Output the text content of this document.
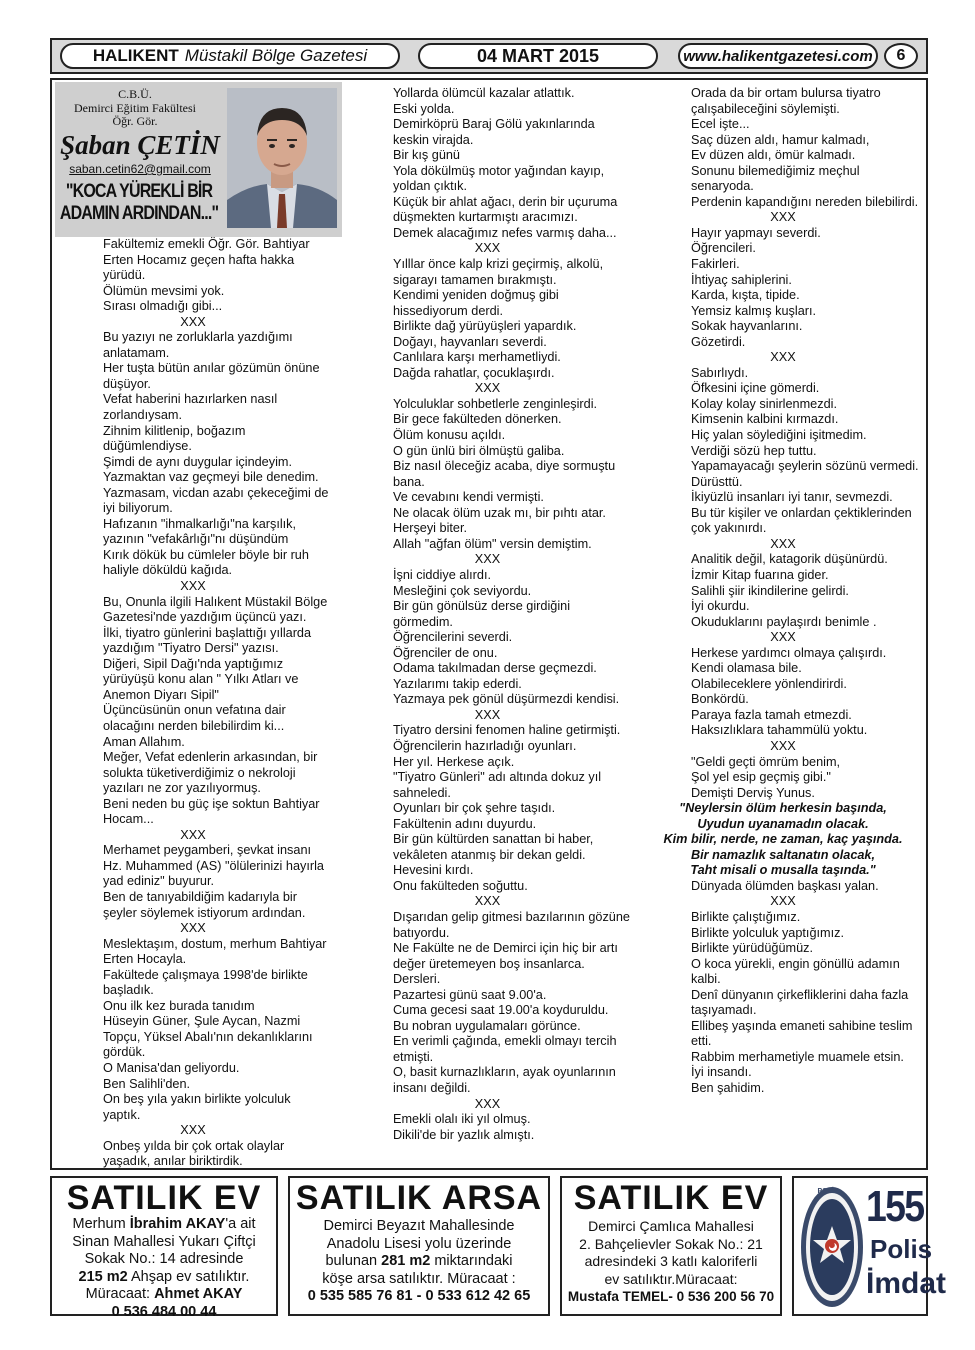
HALIKENT Müstakil Bölge Gazetesi	04 MART 2015	www.halikentgazetesi.com	6
C.B.Ü.
Demirci Eğitim Fakültesi
Öğr. Gör.
Şaban ÇETİN
saban.cetin62@gmail.com
"KOCA YÜREKLİ BİR
ADAMIN ARDINDAN..."

Fakültemiz emekli Öğr. Gör. Bahtiyar Erten Hocamız geçen hafta hakka yürüdü.

Ölümün mevsimi yok.

Sırası olmadığı gibi...

XXX

Bu yazıyı ne zorluklarla yazdığımı anlatamam.

Her tuşta bütün anılar gözümün önüne düşüyor.

Vefat haberini hazırlarken nasıl zorlandıysam.

Zihnim kilitlenip, boğazım düğümlendiyse.

Şimdi de aynı duygular içindeyim.

Yazmaktan vaz geçmeyi bile denedim.

Yazmasam, vicdan azabı çekeceğimi de iyi biliyorum.

Hafızanın "ihmalkarlığı"na karşılık, yazının "vefakârlığı"nı düşündüm

Kırık dökük bu cümleler böyle bir ruh haliyle döküldü kağıda.

XXX

Bu, Onunla ilgili Halıkent Müstakil Bölge Gazetesi'nde yazdığım üçüncü yazı.

İlki, tiyatro günlerini başlattığı yıllarda yazdığım "Tiyatro Dersi" yazısı.

Diğeri, Sipil Dağı'nda yaptığımız yürüyüşü konu alan " Yılkı Atları ve Anemon Diyarı Sipil"

Üçüncüsünün onun vefatına dair olacağını nerden bilebilirdim ki...

Aman Allahım.

Meğer, Vefat edenlerin arkasından, bir solukta tüketiverdiğimiz o nekroloji yazıları ne zor yazılıyormuş.

Beni neden bu güç işe soktun Bahtiyar Hocam...

XXX

Merhamet peygamberi, şevkat insanı Hz. Muhammed (AS) "ölülerinizi hayırla yad ediniz" buyurur.

Ben de tanıyabildiğim kadarıyla bir şeyler söylemek istiyorum ardından.

XXX

Meslektaşım, dostum, merhum Bahtiyar Erten Hocaylа.

Fakültede çalışmaya 1998'de birlikte başladık.

Onu ilk kez burada tanıdım

Hüseyin Güner, Şule Aycan, Nazmi Topçu, Yüksel Abalı'nın dekanlıklarını gördük.

O Manisa'dan geliyordu.

Ben Salihli'den.

On beş yıla yakın birlikte yolculuk yaptık.

XXX

Onbeş yılda bir çok ortak olaylar yaşadık, anılar biriktirdik.

Yollarda ölümcül kazalar atlattık.

Eski yolda.

Demirköprü Baraj Gölü yakınlarında keskin virajda.

Bir kış günü

Yola dökülmüş motor yağından kayıp, yoldan çıktık.

Küçük bir ahlat ağacı, derin bir uçuruma düşmekten kurtarmıştı aracımızı.

Demek alacağımız nefes varmış daha...

XXX

Yılllar önce kalp krizi geçirmiş, alkolü, sigarayı tamamen bırakmıştı.

Kendimi yeniden doğmuş gibi hissediyorum derdi.

Birlikte dağ yürüyüşleri yapardık.

Doğayı, hayvanları severdi.

Canlılara karşı merhametliydi.

Dağda rahatlar, çocuklaşırdı.

XXX

Yolculuklar sohbetlerle zenginleşirdi.

Bir gece fakülteden dönerken.

Ölüm konusu açıldı.

O gün ünlü biri ölmüştü galiba.

Biz nasıl öleceğiz acaba, diye sormuştu bana.

Ve cevabını kendi vermişti.

Ne olacak ölüm uzak mı, bir pıhtı atar.

Herşeyi biter.

Allah "ağfan ölüm" versin demiştim.

XXX

İşni ciddiye alırdı.

Mesleğini çok seviyordu.

Bir gün gönülsüz derse girdiğini görmedim.

Öğrencilerini severdi.

Öğrenciler de onu.

Odama takılmadan derse geçmezdi.

Yazılarımı takip ederdi.

Yazmaya pek gönül düşürmezdi kendisi.

XXX

Tiyatro dersini fenomen haline getirmişti.

Öğrencilerin hazırladığı oyunları.

Her yıl. Herkese açık.

"Tiyatro Günleri" adı altında dokuz yıl sahneledi.

Oyunları bir çok şehre taşıdı.

Fakültenin adını duyurdu.

Bir gün kültürden sanattan bi haber, vekâleten atanmış bir dekan geldi.

Hevesini kırdı.

Onu fakülteden soğuttu.

XXX

Dışarıdan gelip gitmesi bazılarının gözüne batıyordu.

Ne Fakülte ne de Demirci için hiç bir artı değer üretemeyen boş insanlarca.

Dersleri.

Pazartesi günü saat 9.00'a.

Cuma gecesi saat 19.00'a koyduruldu.

Bu nobran uygulamaları görünce.

En verimli çağında, emekli olmayı tercih etmişti.

O, basit kurnazlıkların, ayak oyunlarının insanı değildi.

XXX

Emekli olalı iki yıl olmuş.

Dikili'de bir yazlık almıştı.

Orada da bir ortam bulursa tiyatro çalışabileceğini söylemişti.

Ecel işte...

Saç düzen aldı, hamur kalmadı,

Ev düzen aldı, ömür kalmadı.

Sonunu bilemediğimiz meçhul senaryoda.

Perdenin kapandığını nereden bilebilirdi.

XXX

Hayır yapmayı severdi.

Öğrencileri.

Fakirleri.

İhtiyaç sahiplerini.

Karda, kışta, tipide.

Yemsiz kalmış kuşları.

Sokak hayvanlarını.

Gözetirdi.

XXX

Sabırlıydı.

Öfkesini içine gömerdi.

Kolay kolay sinirlenmezdi.

Kimsenin kalbini kırmazdı.

Hiç yalan söylediğini işitmedim.

Verdiği sözü hep tuttu.

Yapamayacağı şeylerin sözünü vermedi.

Dürüsttü.

İkiyüzlü insanları iyi tanır, sevmezdi.

Bu tür kişiler ve onlardan çektiklerinden çok yakınırdı.

XXX

Analitik değil, katagorik düşünürdü.

İzmir Kitap fuarına gider.

Salihli şiir ikindilerine gelirdi.

İyi okurdu.

Okuduklarını paylaşırdı benimle .

XXX

Herkese yardımcı olmaya çalışırdı.

Kendi olamasa bile.

Olabileceklere yönlendirirdi.

Bonkördü.

Paraya fazla tamah etmezdi.

Haksızlıklara tahammülü yoktu.

XXX

"Geldi geçti ömrüm benim,

Şol yel esip geçmiş gibi."

Demişti Derviş Yunus.

"Neylersin ölüm herkesin başında,

Uyudun uyanamadın olacak.

Kim bilir, nerde, ne zaman, kaç yaşında.

Bir namazlık saltanatın olacak,

Taht misali o musalla taşında."

Dünyada ölümden başkası yalan.

XXX

Birlikte çalıştığımız.

Birlikte yolculuk yaptığımız.

Birlikte yürüdüğümüz.

O koca yürekli, engin gönüllü adamın kalbi.

Denî dünyanın çirkefliklerini daha fazla taşıyamadı.

Ellibeş yaşında emaneti sahibine teslim etti.

Rabbim merhametiyle muamele etsin.

İyi insandı.

Ben şahidim.

SATILIK EV
Merhum İbrahim AKAY'a ait
Sinan Mahallesi Yukarı Çiftçi
Sokak No.: 14 adresinde
215 m2 Ahşap ev satılıktır.
Müracaat: Ahmet AKAY
0 536 484 00 44
SATILIK ARSA
Demirci Beyazıt Mahallesinde
Anadolu Lisesi yolu üzerinde
bulunan 281 m2 miktarındaki
köşe arsa satılıktır. Müracaat :
0 535 585 76 81 - 0 533 612 42 65
SATILIK EV
Demirci Çamlıca Mahallesi
2. Bahçelievler Sokak No.: 21
adresindeki 3 katlı kaloriferli
ev satılıktır.Müracaat:
Mustafa TEMEL- 0 536 200 56 70
POLİS 155
Polis
İmdat
